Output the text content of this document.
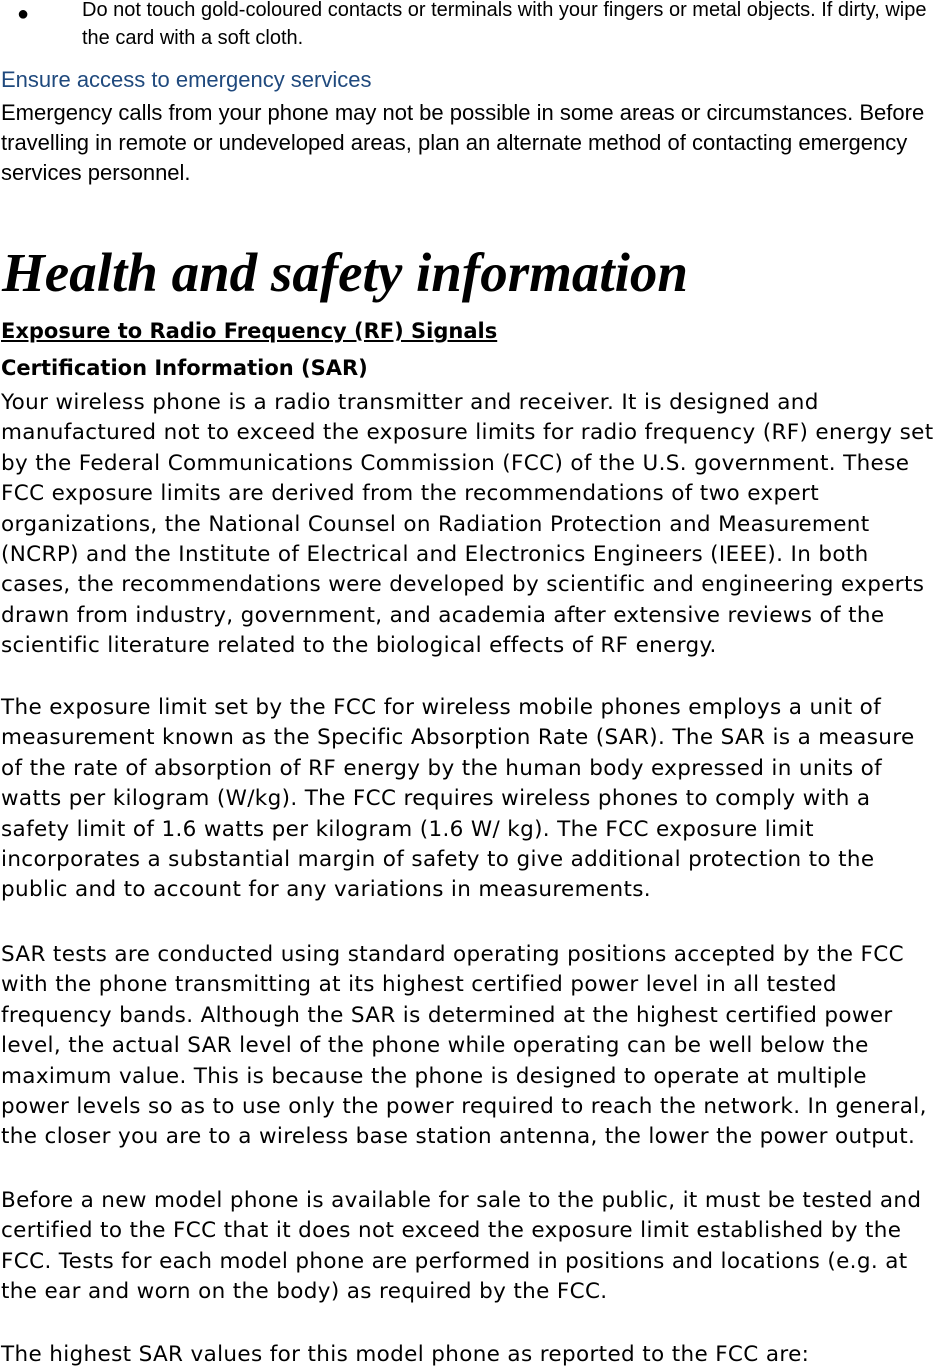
●	Do not touch gold-coloured contacts or terminals with your fingers or metal objects. If dirty, wipe the card with a soft cloth.
Ensure access to emergency services
Emergency calls from your phone may not be possible in some areas or circumstances. Before travelling in remote or undeveloped areas, plan an alternate method of contacting emergency services personnel.
Health and safety information
Exposure to Radio Frequency (RF) Signals
Certification Information (SAR)

Your wireless phone is a radio transmitter and receiver. It is designed and manufactured not to exceed the exposure limits for radio frequency (RF) energy set by the Federal Communications Commission (FCC) of the U.S. government. These FCC exposure limits are derived from the recommendations of two expert organizations, the National Counsel on Radiation Protection and Measurement (NCRP) and the Institute of Electrical and Electronics Engineers (IEEE). In both cases, the recommendations were developed by scientific and engineering experts drawn from industry, government, and academia after extensive reviews of the scientific literature related to the biological effects of RF energy.

The exposure limit set by the FCC for wireless mobile phones employs a unit of measurement known as the Specific Absorption Rate (SAR). The SAR is a measure of the rate of absorption of RF energy by the human body expressed in units of watts per kilogram (W/kg). The FCC requires wireless phones to comply with a safety limit of 1.6 watts per kilogram (1.6 W/ kg). The FCC exposure limit incorporates a substantial margin of safety to give additional protection to the public and to account for any variations in measurements.

SAR tests are conducted using standard operating positions accepted by the FCC with the phone transmitting at its highest certified power level in all tested frequency bands. Although the SAR is determined at the highest certified power level, the actual SAR level of the phone while operating can be well below the maximum value. This is because the phone is designed to operate at multiple power levels so as to use only the power required to reach the network. In general, the closer you are to a wireless base station antenna, the lower the power output.

Before a new model phone is available for sale to the public, it must be tested and certified to the FCC that it does not exceed the exposure limit established by the FCC. Tests for each model phone are performed in positions and locations (e.g. at the ear and worn on the body) as required by the FCC.

The highest SAR values for this model phone as reported to the FCC are:
